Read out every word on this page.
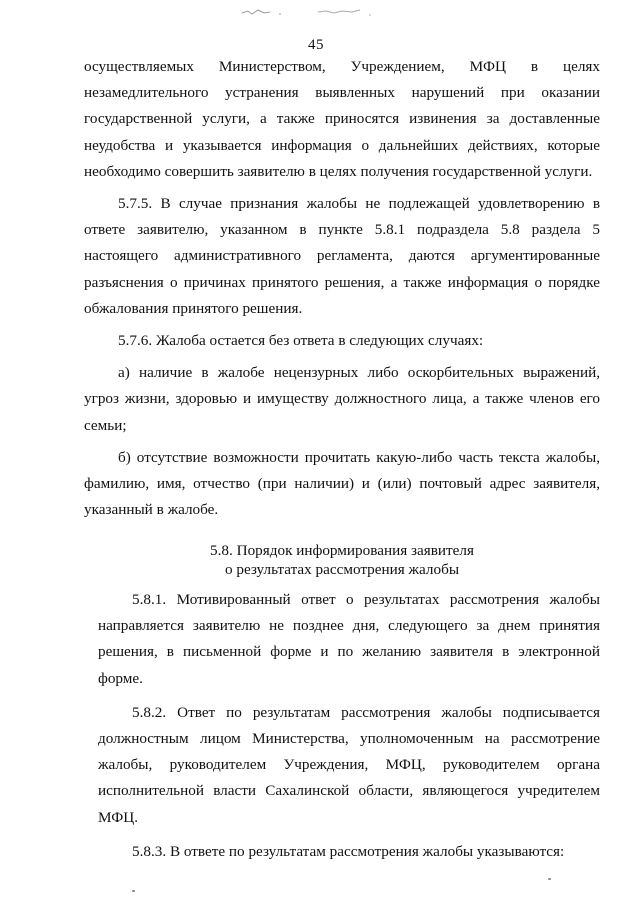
45

осуществляемых Министерством, Учреждением, МФЦ в целях незамедлительного устранения выявленных нарушений при оказании государственной услуги, а также приносятся извинения за доставленные неудобства и указывается информация о дальнейших действиях, которые необходимо совершить заявителю в целях получения государственной услуги.

5.7.5. В случае признания жалобы не подлежащей удовлетворению в ответе заявителю, указанном в пункте 5.8.1 подраздела 5.8 раздела 5 настоящего административного регламента, даются аргументированные разъяснения о причинах принятого решения, а также информация о порядке обжалования принятого решения.

5.7.6. Жалоба остается без ответа в следующих случаях:

а) наличие в жалобе нецензурных либо оскорбительных выражений, угроз жизни, здоровью и имуществу должностного лица, а также членов его семьи;

б) отсутствие возможности прочитать какую-либо часть текста жалобы, фамилию, имя, отчество (при наличии) и (или) почтовый адрес заявителя, указанный в жалобе.

5.8. Порядок информирования заявителя
о результатах рассмотрения жалобы

5.8.1. Мотивированный ответ о результатах рассмотрения жалобы направляется заявителю не позднее дня, следующего за днем принятия решения, в письменной форме и по желанию заявителя в электронной форме.

5.8.2. Ответ по результатам рассмотрения жалобы подписывается должностным лицом Министерства, уполномоченным на рассмотрение жалобы, руководителем Учреждения, МФЦ, руководителем органа исполнительной власти Сахалинской области, являющегося учредителем МФЦ.

5.8.3. В ответе по результатам рассмотрения жалобы указываются:
